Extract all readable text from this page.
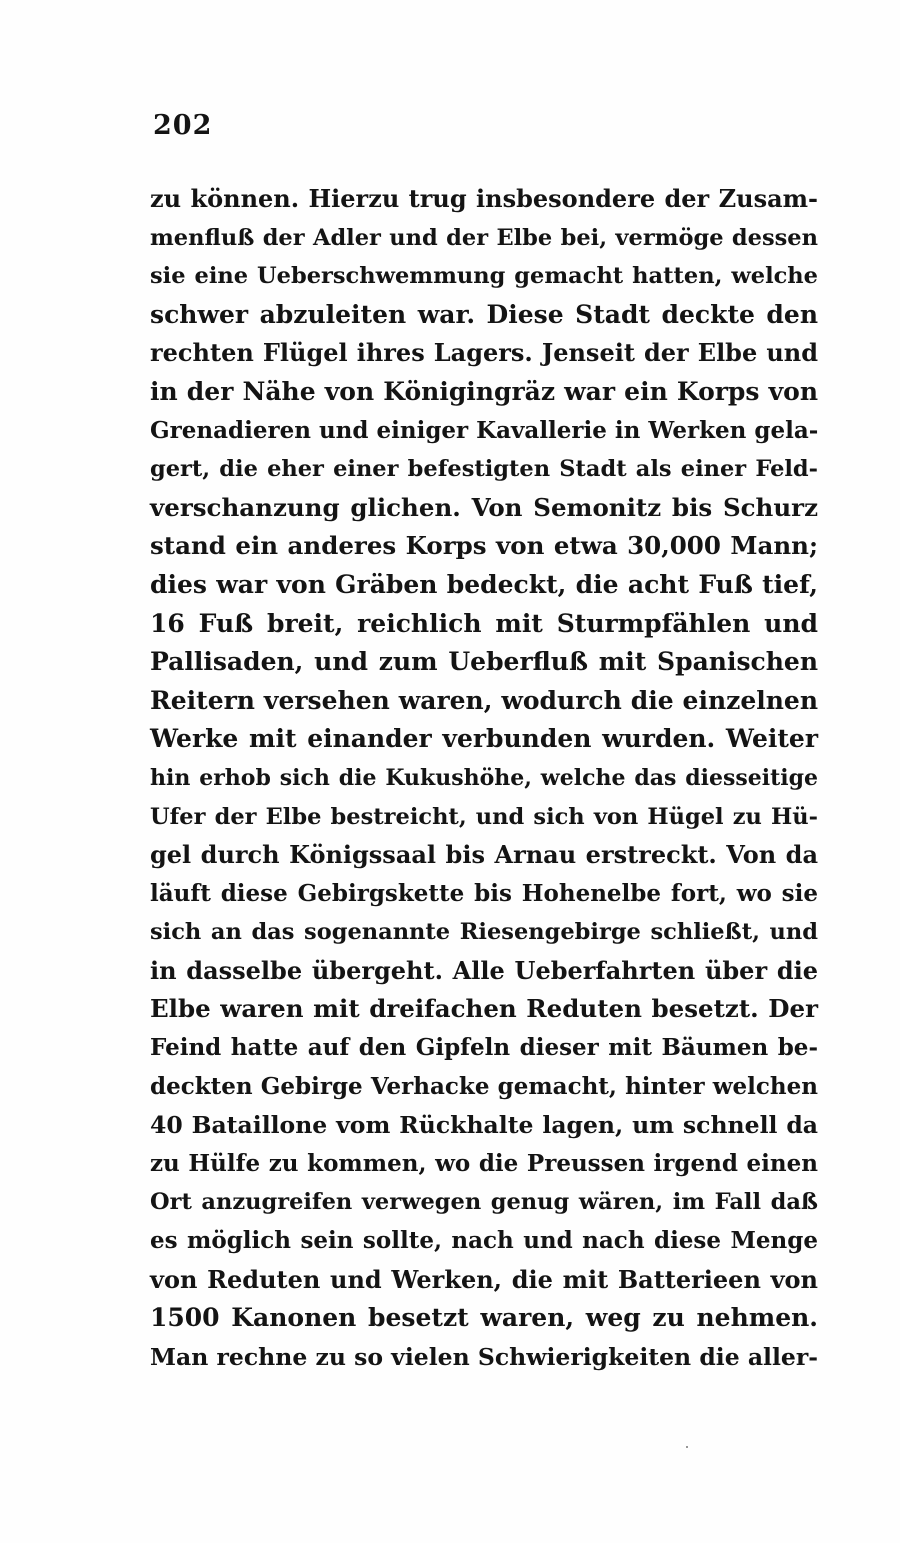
202
zu können. Hierzu trug insbesondere der Zusam-
menfluß der Adler und der Elbe bei, vermöge dessen
sie eine Ueberschwemmung gemacht hatten, welche
schwer abzuleiten war. Diese Stadt deckte den
rechten Flügel ihres Lagers. Jenseit der Elbe und
in der Nähe von Königingräz war ein Korps von
Grenadieren und einiger Kavallerie in Werken gela-
gert, die eher einer befestigten Stadt als einer Feld-
verschanzung glichen. Von Semonitz bis Schurz
stand ein anderes Korps von etwa 30,000 Mann;
dies war von Gräben bedeckt, die acht Fuß tief,
16 Fuß breit, reichlich mit Sturmpfählen und
Pallisaden, und zum Ueberfluß mit Spanischen
Reitern versehen waren, wodurch die einzelnen
Werke mit einander verbunden wurden. Weiter
hin erhob sich die Kukushöhe, welche das diesseitige
Ufer der Elbe bestreicht, und sich von Hügel zu Hü-
gel durch Königssaal bis Arnau erstreckt. Von da
läuft diese Gebirgskette bis Hohenelbe fort, wo sie
sich an das sogenannte Riesengebirge schließt, und
in dasselbe übergeht. Alle Ueberfahrten über die
Elbe waren mit dreifachen Reduten besetzt. Der
Feind hatte auf den Gipfeln dieser mit Bäumen be-
deckten Gebirge Verhacke gemacht, hinter welchen
40 Bataillone vom Rückhalte lagen, um schnell da
zu Hülfe zu kommen, wo die Preussen irgend einen
Ort anzugreifen verwegen genug wären, im Fall daß
es möglich sein sollte, nach und nach diese Menge
von Reduten und Werken, die mit Batterieen von
1500 Kanonen besetzt waren, weg zu nehmen.
Man rechne zu so vielen Schwierigkeiten die aller-
